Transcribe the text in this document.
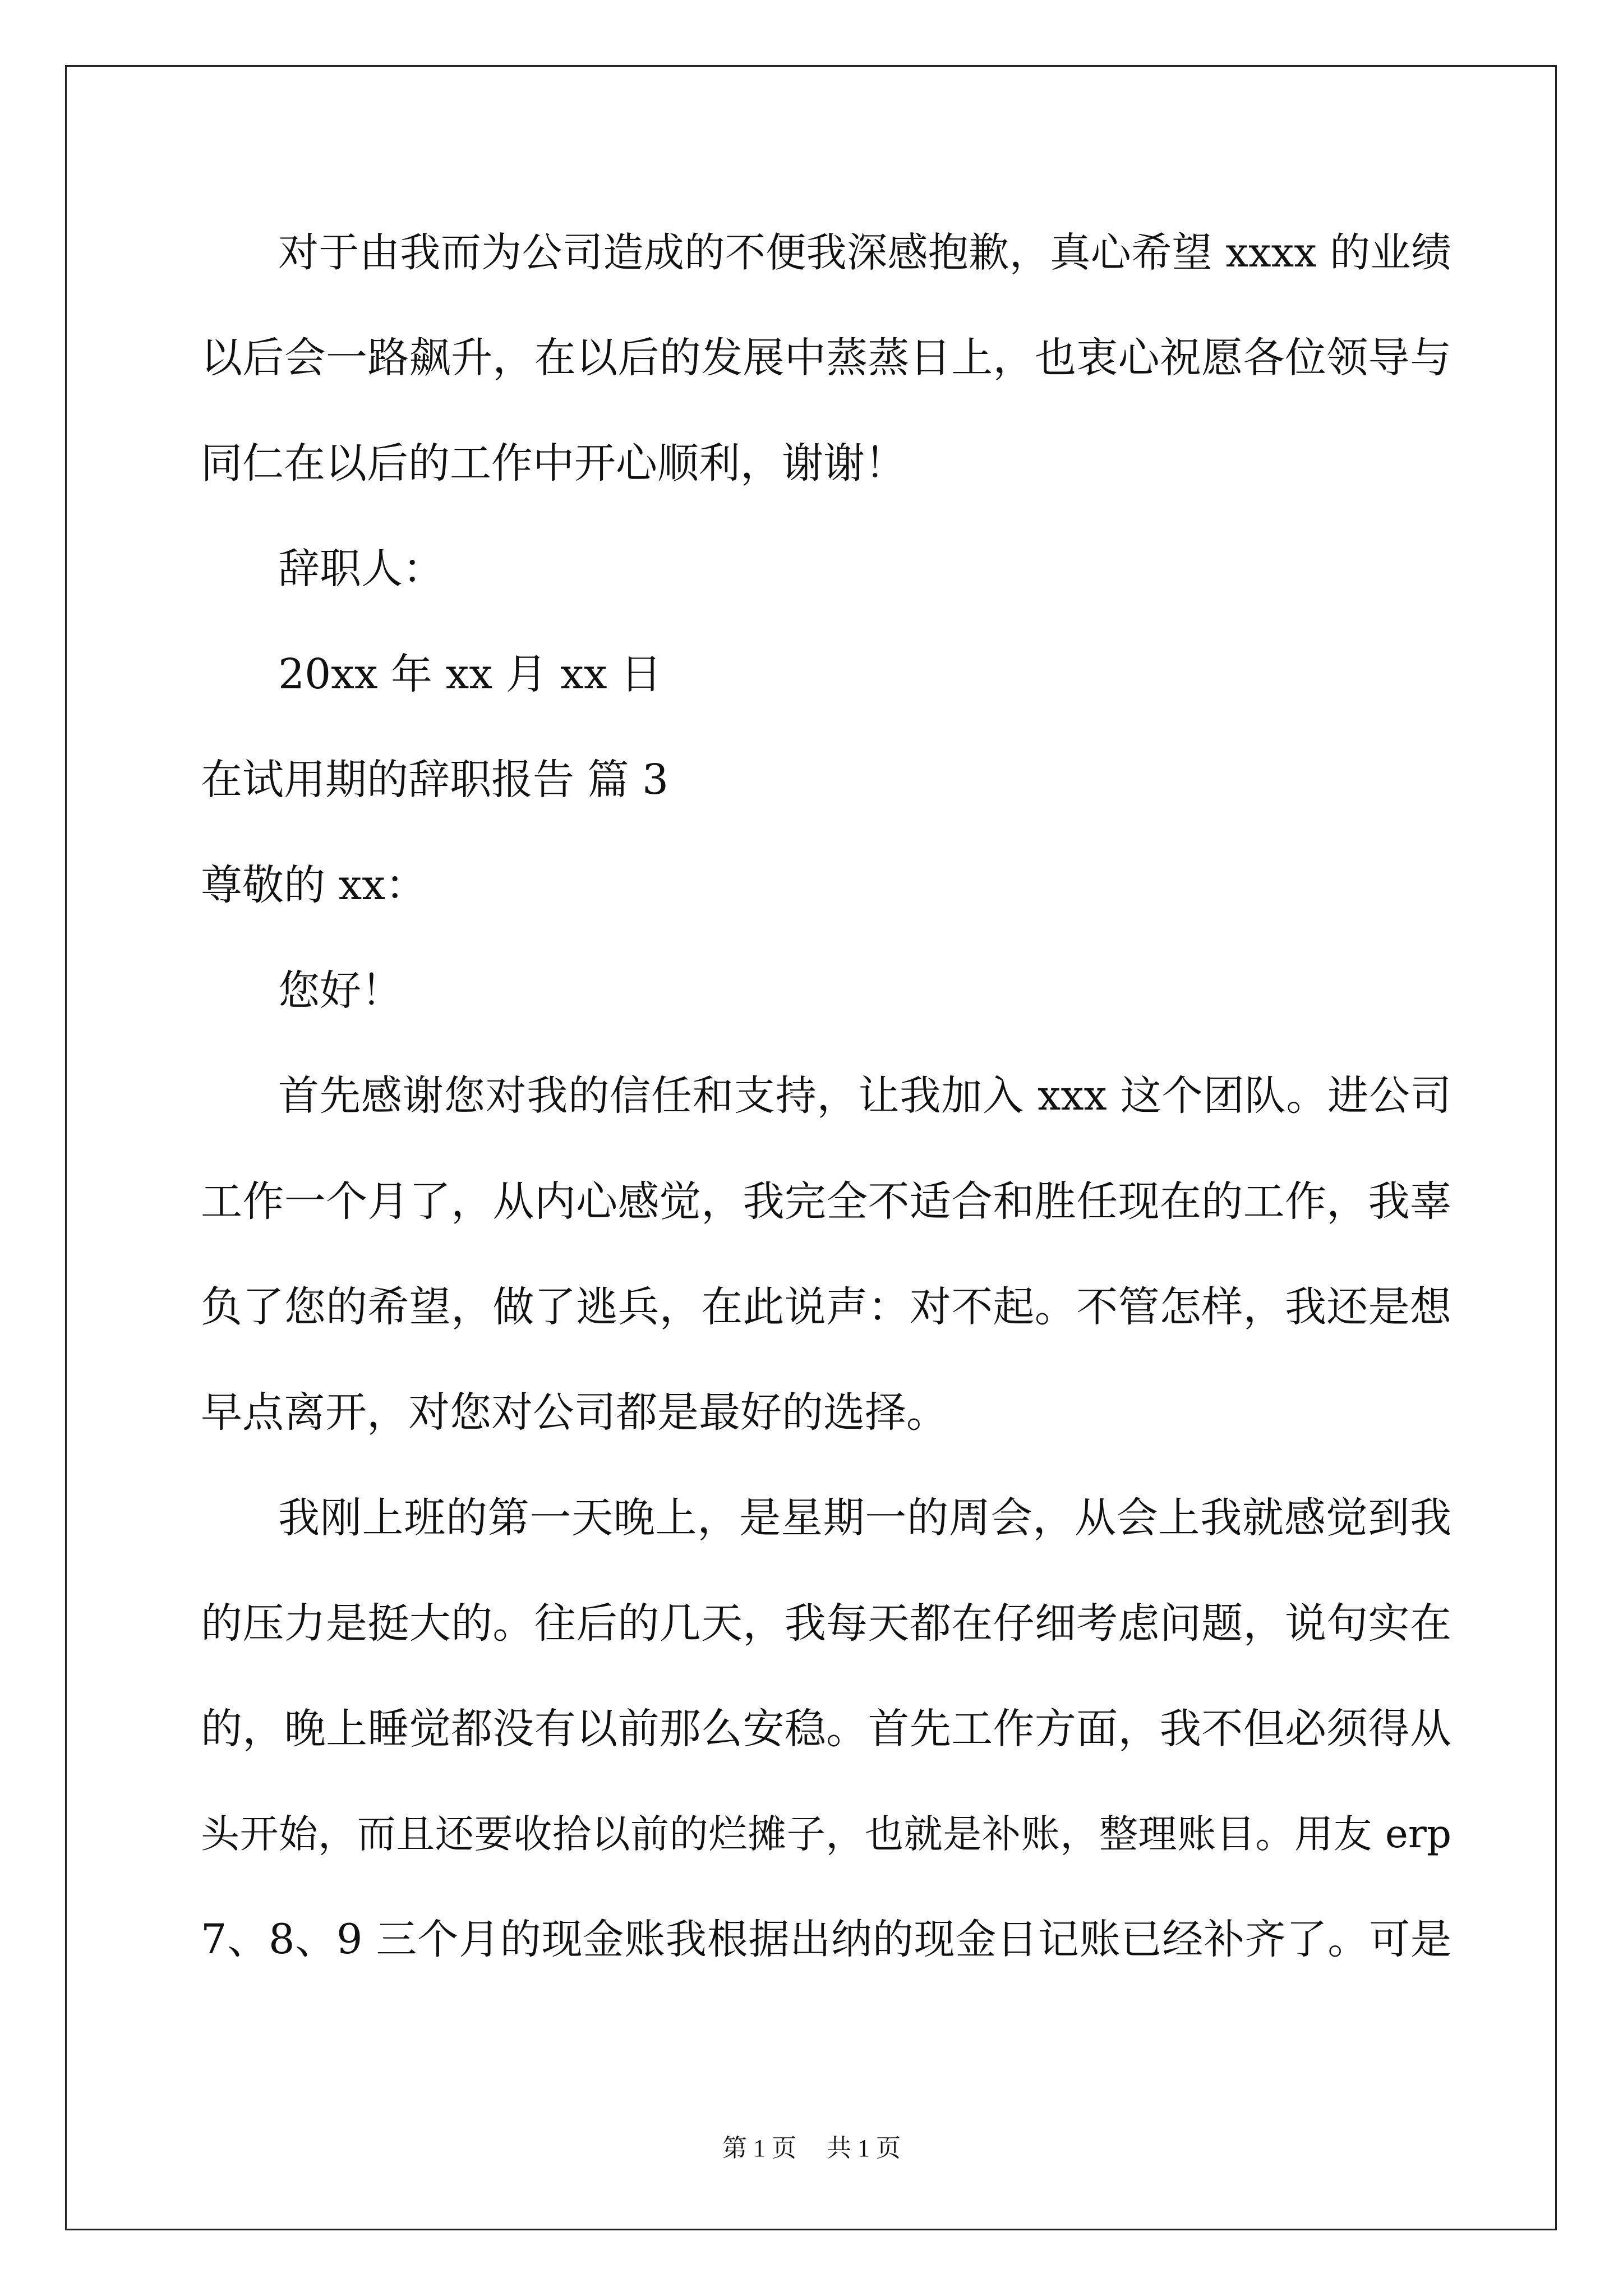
对于由我而为公司造成的不便我深感抱歉，真心希望 xxxx 的业绩
以后会一路飙升，在以后的发展中蒸蒸日上，也衷心祝愿各位领导与
同仁在以后的工作中开心顺利，谢谢！
辞职人：
20xx 年 xx 月 xx 日
在试用期的辞职报告 篇 3
尊敬的 xx：
您好！
首先感谢您对我的信任和支持，让我加入 xxx 这个团队。进公司
工作一个月了，从内心感觉，我完全不适合和胜任现在的工作，我辜
负了您的希望，做了逃兵，在此说声：对不起。不管怎样，我还是想
早点离开，对您对公司都是最好的选择。
我刚上班的第一天晚上，是星期一的周会，从会上我就感觉到我
的压力是挺大的。往后的几天，我每天都在仔细考虑问题，说句实在
的，晚上睡觉都没有以前那么安稳。首先工作方面，我不但必须得从
头开始，而且还要收拾以前的烂摊子，也就是补账，整理账目。用友 erp
7、8、9 三个月的现金账我根据出纳的现金日记账已经补齐了。可是
第 1 页 共 1 页
